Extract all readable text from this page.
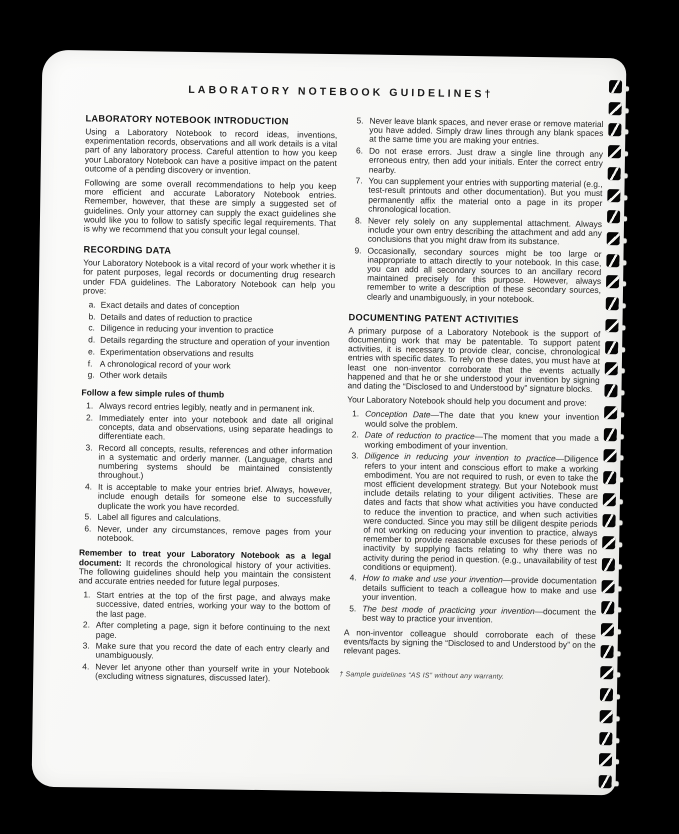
LABORATORY NOTEBOOK GUIDELINES†
LABORATORY NOTEBOOK INTRODUCTION

Using a Laboratory Notebook to record ideas, inventions, experimentation records, observations and all work details is a vital part of any laboratory process. Careful attention to how you keep your Laboratory Notebook can have a positive impact on the patent outcome of a pending discovery or invention.

Following are some overall recommendations to help you keep more efficient and accurate Laboratory Notebook entries. Remember, however, that these are simply a suggested set of guidelines. Only your attorney can supply the exact guidelines she would like you to follow to satisfy specific legal requirements. That is why we recommend that you consult your legal counsel.

RECORDING DATA

Your Laboratory Notebook is a vital record of your work whether it is for patent purposes, legal records or documenting drug research under FDA guidelines. The Laboratory Notebook can help you prove:

Exact details and dates of conception
Details and dates of reduction to practice
Diligence in reducing your invention to practice
Details regarding the structure and operation of your invention
Experimentation observations and results
A chronological record of your work
Other work details
Follow a few simple rules of thumb
Always record entries legibly, neatly and in permanent ink.
Immediately enter into your notebook and date all original concepts, data and observations, using separate headings to differentiate each.
Record all concepts, results, references and other information in a systematic and orderly manner. (Language, charts and numbering systems should be maintained consistently throughout.)
It is acceptable to make your entries brief. Always, however, include enough details for someone else to successfully duplicate the work you have recorded.
Label all figures and calculations.
Never, under any circumstances, remove pages from your notebook.

Remember to treat your Laboratory Notebook as a legal document: It records the chronological history of your activities. The following guidelines should help you maintain the consistent and accurate entries needed for future legal purposes.

Start entries at the top of the first page, and always make successive, dated entries, working your way to the bottom of the last page.
After completing a page, sign it before continuing to the next page.
Make sure that you record the date of each entry clearly and unambiguously.
Never let anyone other than yourself write in your Notebook (excluding witness signatures, discussed later).
Never leave blank spaces, and never erase or remove material you have added. Simply draw lines through any blank spaces at the same time you are making your entries.
Do not erase errors. Just draw a single line through any erroneous entry, then add your initials. Enter the correct entry nearby.
You can supplement your entries with supporting material (e.g., test-result printouts and other documentation). But you must permanently affix the material onto a page in its proper chronological location.
Never rely solely on any supplemental attachment. Always include your own entry describing the attachment and add any conclusions that you might draw from its substance.
Occasionally, secondary sources might be too large or inappropriate to attach directly to your notebook. In this case, you can add all secondary sources to an ancillary record maintained precisely for this purpose. However, always remember to write a description of these secondary sources, clearly and unambiguously, in your notebook.
DOCUMENTING PATENT ACTIVITIES

A primary purpose of a Laboratory Notebook is the support of documenting work that may be patentable. To support patent activities, it is necessary to provide clear, concise, chronological entries with specific dates. To rely on these dates, you must have at least one non-inventor corroborate that the events actually happened and that he or she understood your invention by signing and dating the “Disclosed to and Understood by” signature blocks.

Your Laboratory Notebook should help you document and prove:

Conception Date—The date that you knew your invention would solve the problem.
Date of reduction to practice—The moment that you made a working embodiment of your invention.
Diligence in reducing your invention to practice—Diligence refers to your intent and conscious effort to make a working embodiment. You are not required to rush, or even to take the most efficient development strategy. But your Notebook must include details relating to your diligent activities. These are dates and facts that show what activities you have conducted to reduce the invention to practice, and when such activities were conducted. Since you may still be diligent despite periods of not working on reducing your invention to practice, always remember to provide reasonable excuses for these periods of inactivity by supplying facts relating to why there was no activity during the period in question. (e.g., unavailability of test conditions or equipment).
How to make and use your invention—provide documentation details sufficient to teach a colleague how to make and use your invention.
The best mode of practicing your invention—document the best way to practice your invention.

A non-inventor colleague should corroborate each of these events/facts by signing the “Disclosed to and Understood by” on the relevant pages.

† Sample guidelines “AS IS” without any warranty.
